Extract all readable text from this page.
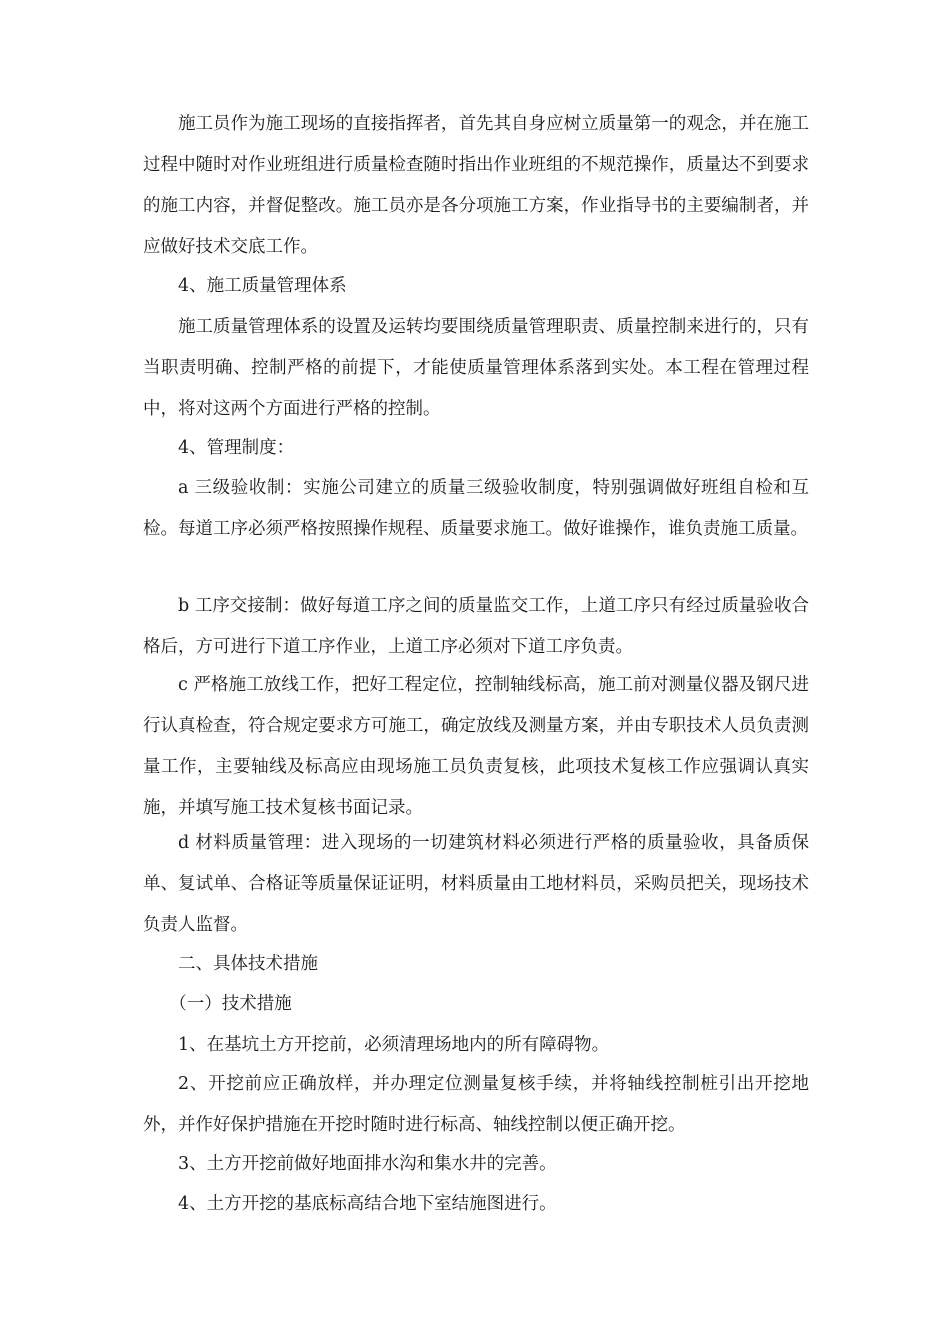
施工员作为施工现场的直接指挥者，首先其自身应树立质量第一的观念，并在施工过程中随时对作业班组进行质量检查随时指出作业班组的不规范操作，质量达不到要求的施工内容，并督促整改。施工员亦是各分项施工方案，作业指导书的主要编制者，并应做好技术交底工作。

4、施工质量管理体系

施工质量管理体系的设置及运转均要围绕质量管理职责、质量控制来进行的，只有当职责明确、控制严格的前提下，才能使质量管理体系落到实处。本工程在管理过程中，将对这两个方面进行严格的控制。

4、管理制度：

a 三级验收制：实施公司建立的质量三级验收制度，特别强调做好班组自检和互检。每道工序必须严格按照操作规程、质量要求施工。做好谁操作，谁负责施工质量。

b 工序交接制：做好每道工序之间的质量监交工作，上道工序只有经过质量验收合格后，方可进行下道工序作业，上道工序必须对下道工序负责。

c 严格施工放线工作，把好工程定位，控制轴线标高，施工前对测量仪器及钢尺进行认真检查，符合规定要求方可施工，确定放线及测量方案，并由专职技术人员负责测量工作，主要轴线及标高应由现场施工员负责复核，此项技术复核工作应强调认真实施，并填写施工技术复核书面记录。

d 材料质量管理：进入现场的一切建筑材料必须进行严格的质量验收，具备质保单、复试单、合格证等质量保证证明，材料质量由工地材料员，采购员把关，现场技术负责人监督。

二、具体技术措施

（一）技术措施

1、在基坑土方开挖前，必须清理场地内的所有障碍物。

2、开挖前应正确放样，并办理定位测量复核手续，并将轴线控制桩引出开挖地外，并作好保护措施在开挖时随时进行标高、轴线控制以便正确开挖。

3、土方开挖前做好地面排水沟和集水井的完善。

4、土方开挖的基底标高结合地下室结施图进行。
